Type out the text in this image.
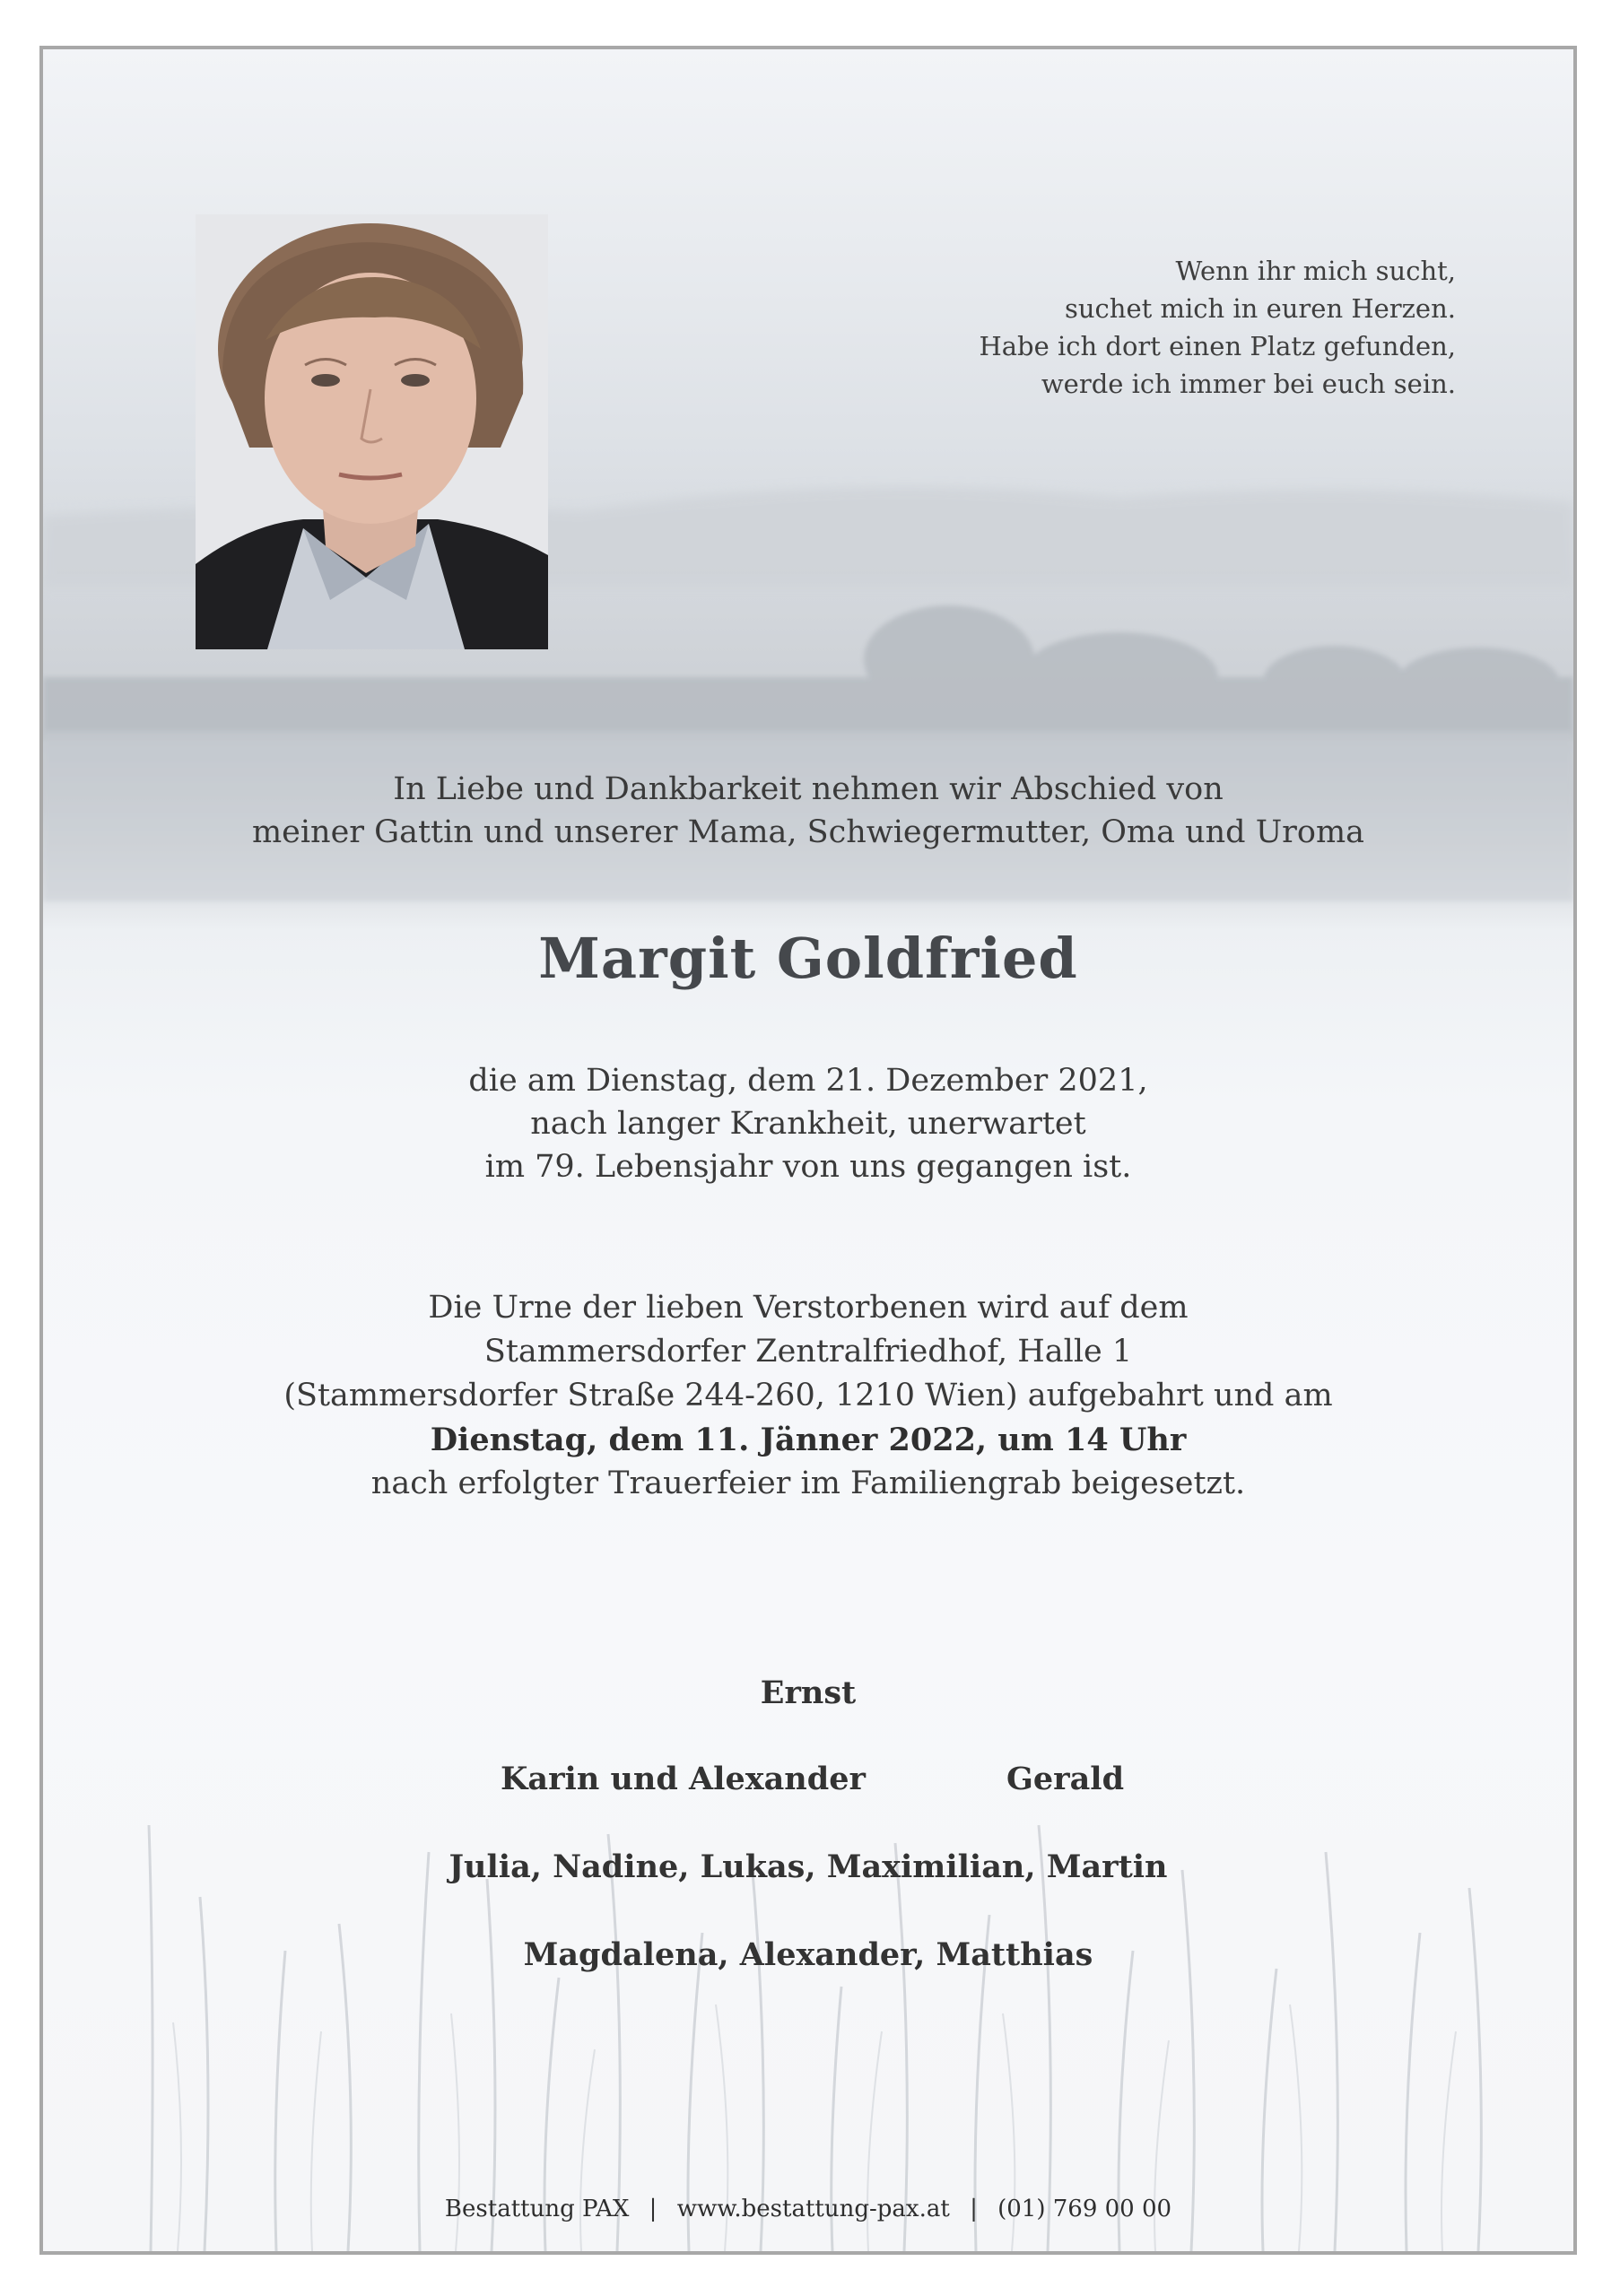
Wenn ihr mich sucht,
suchet mich in euren Herzen.
Habe ich dort einen Platz gefunden,
werde ich immer bei euch sein.
In Liebe und Dankbarkeit nehmen wir Abschied von
meiner Gattin und unserer Mama, Schwiegermutter, Oma und Uroma
Margit Goldfried
die am Dienstag, dem 21. Dezember 2021,
nach langer Krankheit, unerwartet
im 79. Lebensjahr von uns gegangen ist.
Die Urne der lieben Verstorbenen wird auf dem
Stammersdorfer Zentralfriedhof, Halle 1
(Stammersdorfer Straße 244-260, 1210 Wien) aufgebahrt und am
Dienstag, dem 11. Jänner 2022, um 14 Uhr
nach erfolgter Trauerfeier im Familiengrab beigesetzt.
Ernst
Karin und Alexander	Gerald
Julia, Nadine, Lukas, Maximilian, Martin
Magdalena, Alexander, Matthias
Bestattung PAX | www.bestattung-pax.at | (01) 769 00 00
